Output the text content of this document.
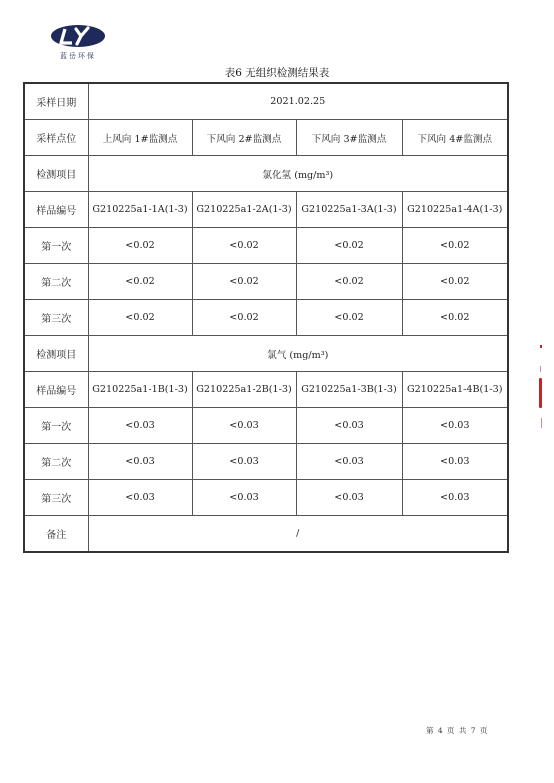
蓝岳环保
表6 无组织检测结果表
采样日期	2021.02.25			
采样点位	上风向 1#监测点	下风向 2#监测点	下风向 3#监测点	下风向 4#监测点
检测项目	氯化氢 (mg/m³)			
样品编号	G210225a1-1A(1-3)	G210225a1-2A(1-3)	G210225a1-3A(1-3)	G210225a1-4A(1-3)
第一次	<0.02	<0.02	<0.02	<0.02
第二次	<0.02	<0.02	<0.02	<0.02
第三次	<0.02	<0.02	<0.02	<0.02
检测项目	氯气 (mg/m³)			
样品编号	G210225a1-1B(1-3)	G210225a1-2B(1-3)	G210225a1-3B(1-3)	G210225a1-4B(1-3)
第一次	<0.03	<0.03	<0.03	<0.03
第二次	<0.03	<0.03	<0.03	<0.03
第三次	<0.03	<0.03	<0.03	<0.03
备注	/			
第 4 页 共 7 页
